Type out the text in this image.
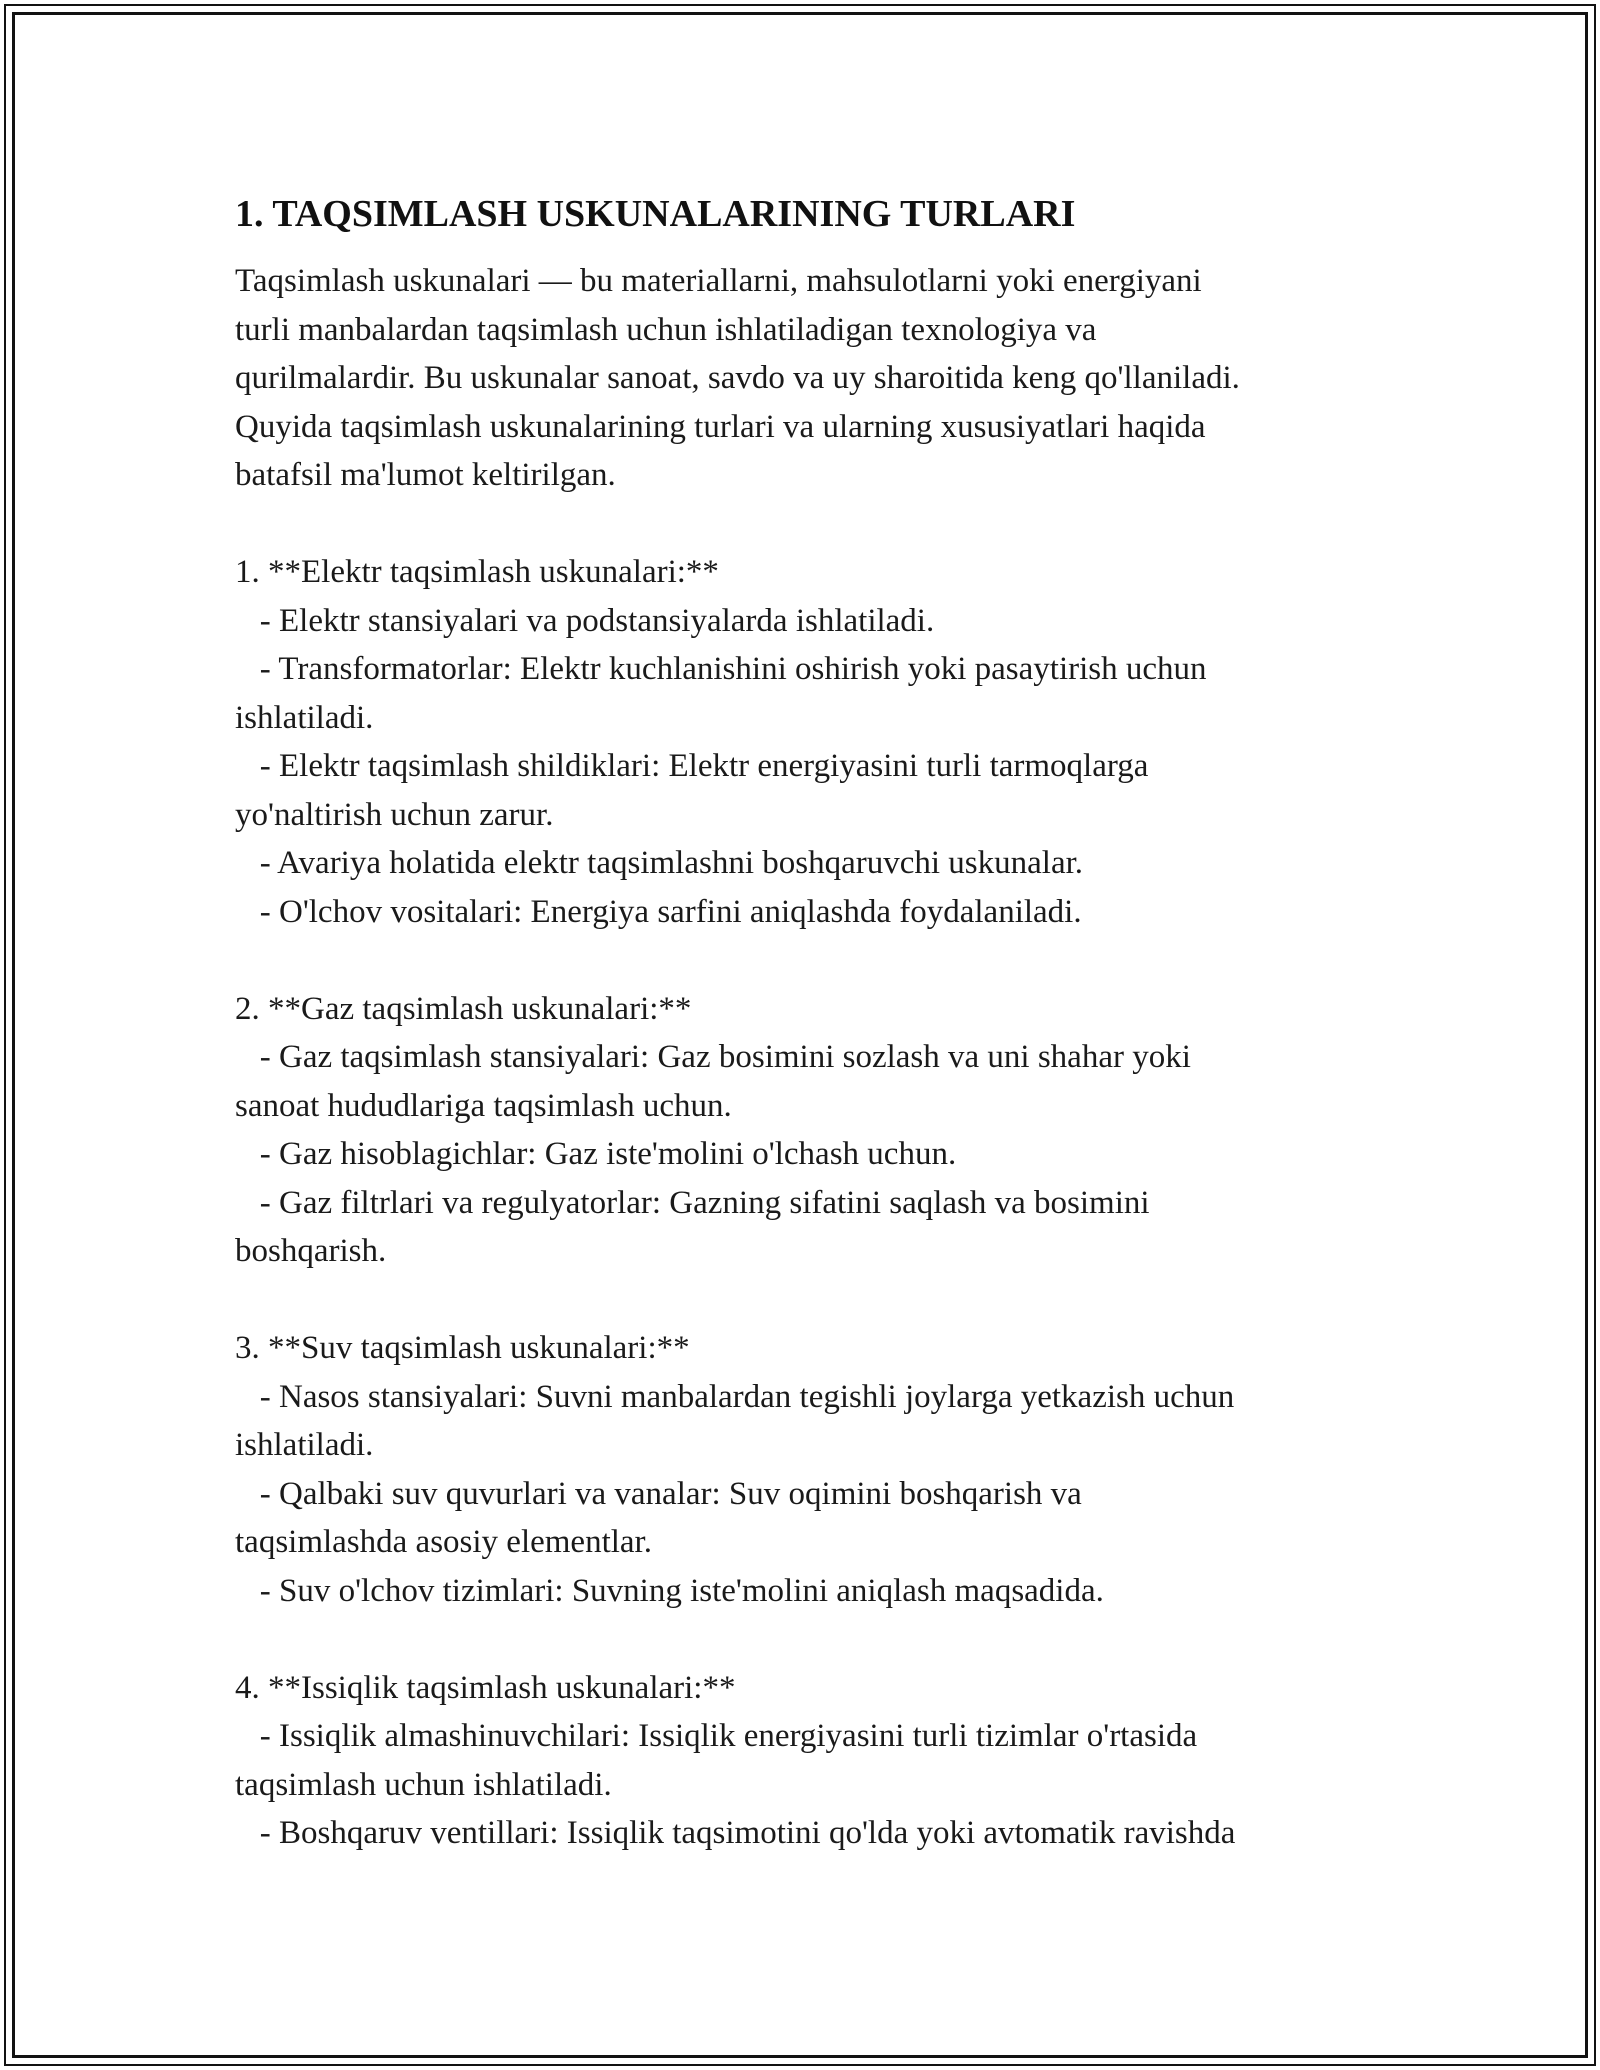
1. TAQSIMLASH USKUNALARINING TURLARI

Taqsimlash uskunalari — bu materiallarni, mahsulotlarni yoki energiyani

turli manbalardan taqsimlash uchun ishlatiladigan texnologiya va

qurilmalardir. Bu uskunalar sanoat, savdo va uy sharoitida keng qo'llaniladi.

Quyida taqsimlash uskunalarining turlari va ularning xususiyatlari haqida

batafsil ma'lumot keltirilgan.

1. **Elektr taqsimlash uskunalari:**

- Elektr stansiyalari va podstansiyalarda ishlatiladi.

- Transformatorlar: Elektr kuchlanishini oshirish yoki pasaytirish uchun

ishlatiladi.

- Elektr taqsimlash shildiklari: Elektr energiyasini turli tarmoqlarga

yo'naltirish uchun zarur.

- Avariya holatida elektr taqsimlashni boshqaruvchi uskunalar.

- O'lchov vositalari: Energiya sarfini aniqlashda foydalaniladi.

2. **Gaz taqsimlash uskunalari:**

- Gaz taqsimlash stansiyalari: Gaz bosimini sozlash va uni shahar yoki

sanoat hududlariga taqsimlash uchun.

- Gaz hisoblagichlar: Gaz iste'molini o'lchash uchun.

- Gaz filtrlari va regulyatorlar: Gazning sifatini saqlash va bosimini

boshqarish.

3. **Suv taqsimlash uskunalari:**

- Nasos stansiyalari: Suvni manbalardan tegishli joylarga yetkazish uchun

ishlatiladi.

- Qalbaki suv quvurlari va vanalar: Suv oqimini boshqarish va

taqsimlashda asosiy elementlar.

- Suv o'lchov tizimlari: Suvning iste'molini aniqlash maqsadida.

4. **Issiqlik taqsimlash uskunalari:**

- Issiqlik almashinuvchilari: Issiqlik energiyasini turli tizimlar o'rtasida

taqsimlash uchun ishlatiladi.

- Boshqaruv ventillari: Issiqlik taqsimotini qo'lda yoki avtomatik ravishda
